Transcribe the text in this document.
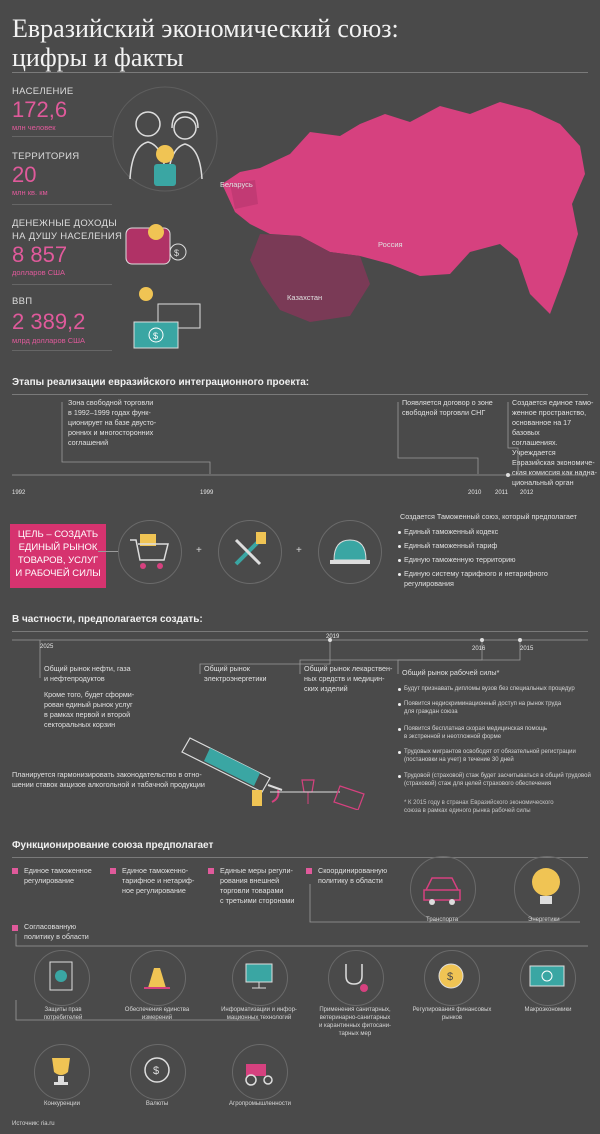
Евразийский экономический союз:
цифры и факты
НАСЕЛЕНИЕ
172,6
млн человек
ТЕРРИТОРИЯ
20
млн кв. км
ДЕНЕЖНЫЕ ДОХОДЫ
НА ДУШУ НАСЕЛЕНИЯ
8 857
долларов США
ВВП
2 389,2
млрд долларов США
$
$
Беларусь
Россия
Казахстан
Этапы реализации евразийского интеграционного проекта:
Зона свободной торговли
в 1992–1999 годах функ-
ционирует на базе двусто-
ронних и многосторонних
соглашений
Появляется договор о зоне
свободной торговли СНГ
Создается единое тамо-
женное пространство,
основанное на 17 базовых
соглашениях. Учреждается
Евразийская экономиче-
ская комиссия как надна-
циональный орган
1992	1999	2010 2011 2012
ЦЕЛЬ – СОЗДАТЬ
ЕДИНЫЙ РЫНОК
ТОВАРОВ, УСЛУГ
И РАБОЧЕЙ СИЛЫ
+	+
Создается Таможенный союз, который предполагает
Единый таможенный кодекс
Единый таможенный тариф
Единую таможенную территорию
Единую систему тарифного и нетарифного
регулирования
В частности, предполагается создать:
2025
2019
2016	2015
Общий рынок нефти, газа
и нефтепродуктов
Кроме того, будет сформи-
рован единый рынок услуг
в рамках первой и второй
секторальных корзин
Общий рынок
электроэнергетики
Общий рынок лекарствен-
ных средств и медицин-
ских изделий
Общий рынок рабочей силы*
Будут признавать дипломы вузов без специальных процедур
Появится недискриминационный доступ на рынок труда
для граждан союза
Появится бесплатная скорая медицинская помощь
в экстренной и неотложной форме
Трудовых мигрантов освободят от обязательной регистрации
(постановки на учет) в течение 30 дней
Трудовой (страховой) стаж будет засчитываться в общий трудовой
(страховой) стаж для целей страхового обеспечения
Планируется гармонизировать законодательство в отно-
шении ставок акцизов алкогольной и табачной продукции
* К 2015 году в странах Евразийского экономического
союза в рамках единого рынка рабочей силы
Функционирование союза предполагает
Единое таможенное
регулирование
Единое таможенно-
тарифное и нетариф-
ное регулирование
Единые меры регули-
рования внешней
торговли товарами
с третьими сторонами
Скоординированную
политику в области
Транспорта	Энергетики
Согласованную
политику в области
Защиты прав
потребителей
Обеспечения единства
измерений
Информатизации и инфор-
мационных технологий
Применения санитарных,
ветеринарно-санитарных
и карантинных фитосани-
тарных мер
$
Регулирования финансовых
рынков
Макроэкономики
Конкуренции
$
Валюты	Агропромышленности
Источник: ria.ru
